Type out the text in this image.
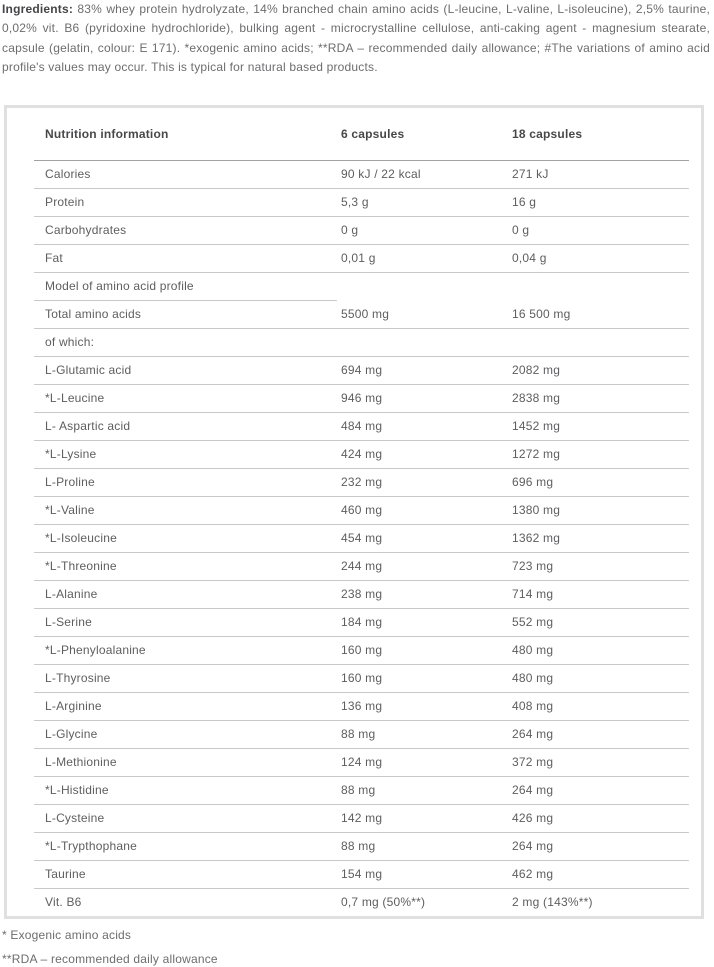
Ingredients: 83% whey protein hydrolyzate, 14% branched chain amino acids (L-leucine, L-valine, L-isoleucine), 2,5% taurine, 0,02% vit. B6 (pyridoxine hydrochloride), bulking agent - microcrystalline cellulose, anti-caking agent - magnesium stearate, capsule (gelatin, colour: E 171). *exogenic amino acids; **RDA – recommended daily allowance; #The variations of amino acid profile's values may occur. This is typical for natural based products.

Nutrition information	6 capsules	18 capsules
Calories	90 kJ / 22 kcal	271 kJ
Protein	5,3 g	16 g
Carbohydrates	0 g	0 g
Fat	0,01 g	0,04 g
Model of amino acid profile
Total amino acids	5500 mg	16 500 mg
of which:
L-Glutamic acid	694 mg	2082 mg
*L-Leucine	946 mg	2838 mg
L- Aspartic acid	484 mg	1452 mg
*L-Lysine	424 mg	1272 mg
L-Proline	232 mg	696 mg
*L-Valine	460 mg	1380 mg
*L-Isoleucine	454 mg	1362 mg
*L-Threonine	244 mg	723 mg
L-Alanine	238 mg	714 mg
L-Serine	184 mg	552 mg
*L-Phenyloalanine	160 mg	480 mg
L-Thyrosine	160 mg	480 mg
L-Arginine	136 mg	408 mg
L-Glycine	88 mg	264 mg
L-Methionine	124 mg	372 mg
*L-Histidine	88 mg	264 mg
L-Cysteine	142 mg	426 mg
*L-Trypthophane	88 mg	264 mg
Taurine	154 mg	462 mg
Vit. B6	0,7 mg (50%**)	2 mg (143%**)
* Exogenic amino acids
**RDA – recommended daily allowance
